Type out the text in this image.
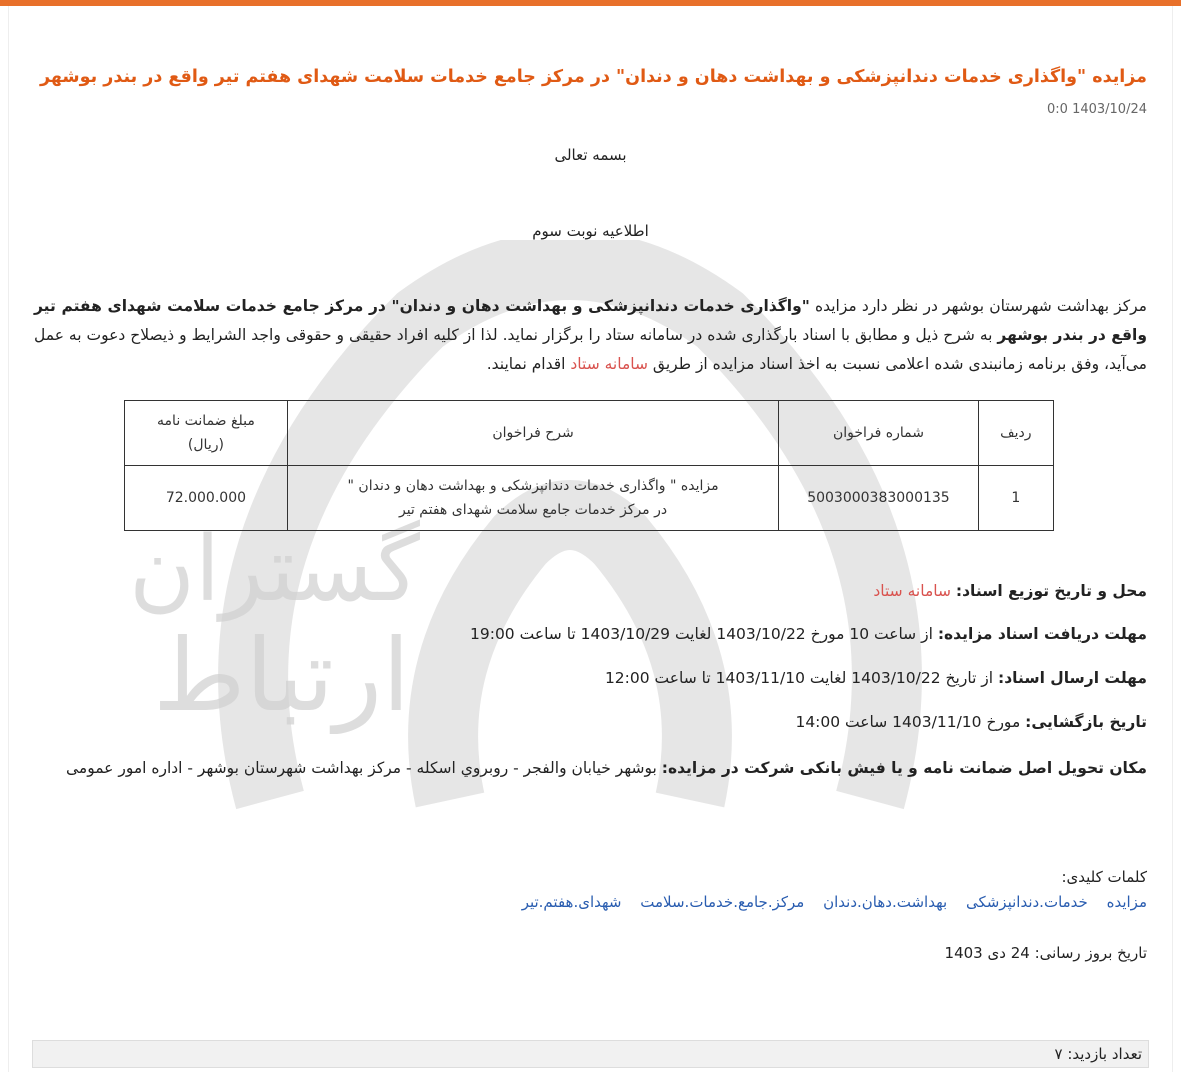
گستران
ارتباط
مزایده "واگذاری خدمات دندانپزشکی و بهداشت دهان و دندان" در مرکز جامع خدمات سلامت شهدای هفتم تیر واقع در بندر بوشهر
1403/10/24 0:0
بسمه تعالی
اطلاعیه نوبت سوم
مرکز بهداشت شهرستان بوشهر در نظر دارد مزایده "واگذاری خدمات دندانپزشکی و بهداشت دهان و دندان" در مرکز جامع خدمات سلامت شهدای هفتم تیر واقع در بندر بوشهر به شرح ذیل و مطابق با اسناد بارگذاری شده در سامانه ستاد را برگزار نماید. لذا از کلیه افراد حقیقی و حقوقی واجد الشرایط و ذیصلاح دعوت به عمل می‌آید، وفق برنامه زمانبندی شده اعلامی نسبت به اخذ اسناد مزایده از طریق سامانه ستاد اقدام نمایند.
ردیف	شماره فراخوان	شرح فراخوان	مبلغ ضمانت نامه
(ریال)

1	5003000383000135	مزایده " واگذاری خدمات دندانپزشکی و بهداشت دهان و دندان "
در مرکز خدمات جامع سلامت شهدای هفتم تیر	72.000.000
محل و تاریخ توزیع اسناد: سامانه ستاد
مهلت دریافت اسناد مزایده: از ساعت 10 مورخ 1403/10/22 لغایت 1403/10/29 تا ساعت 19:00
مهلت ارسال اسناد: از تاریخ 1403/10/22 لغایت 1403/11/10 تا ساعت 12:00
تاریخ بازگشایی: مورخ 1403/11/10 ساعت 14:00
مکان تحویل اصل ضمانت نامه و یا فیش بانکی شرکت در مزایده: بوشهر خیابان والفجر - روبروي اسکله - مرکز بهداشت شهرستان بوشهر - اداره امور عمومی
کلمات کلیدی:
مزایده خدمات.دندانپزشکی بهداشت.دهان.دندان مرکز.جامع.خدمات.سلامت شهدای.هفتم.تیر
تاریخ بروز رسانی: 24 دی 1403
تعداد بازدید: ۷
